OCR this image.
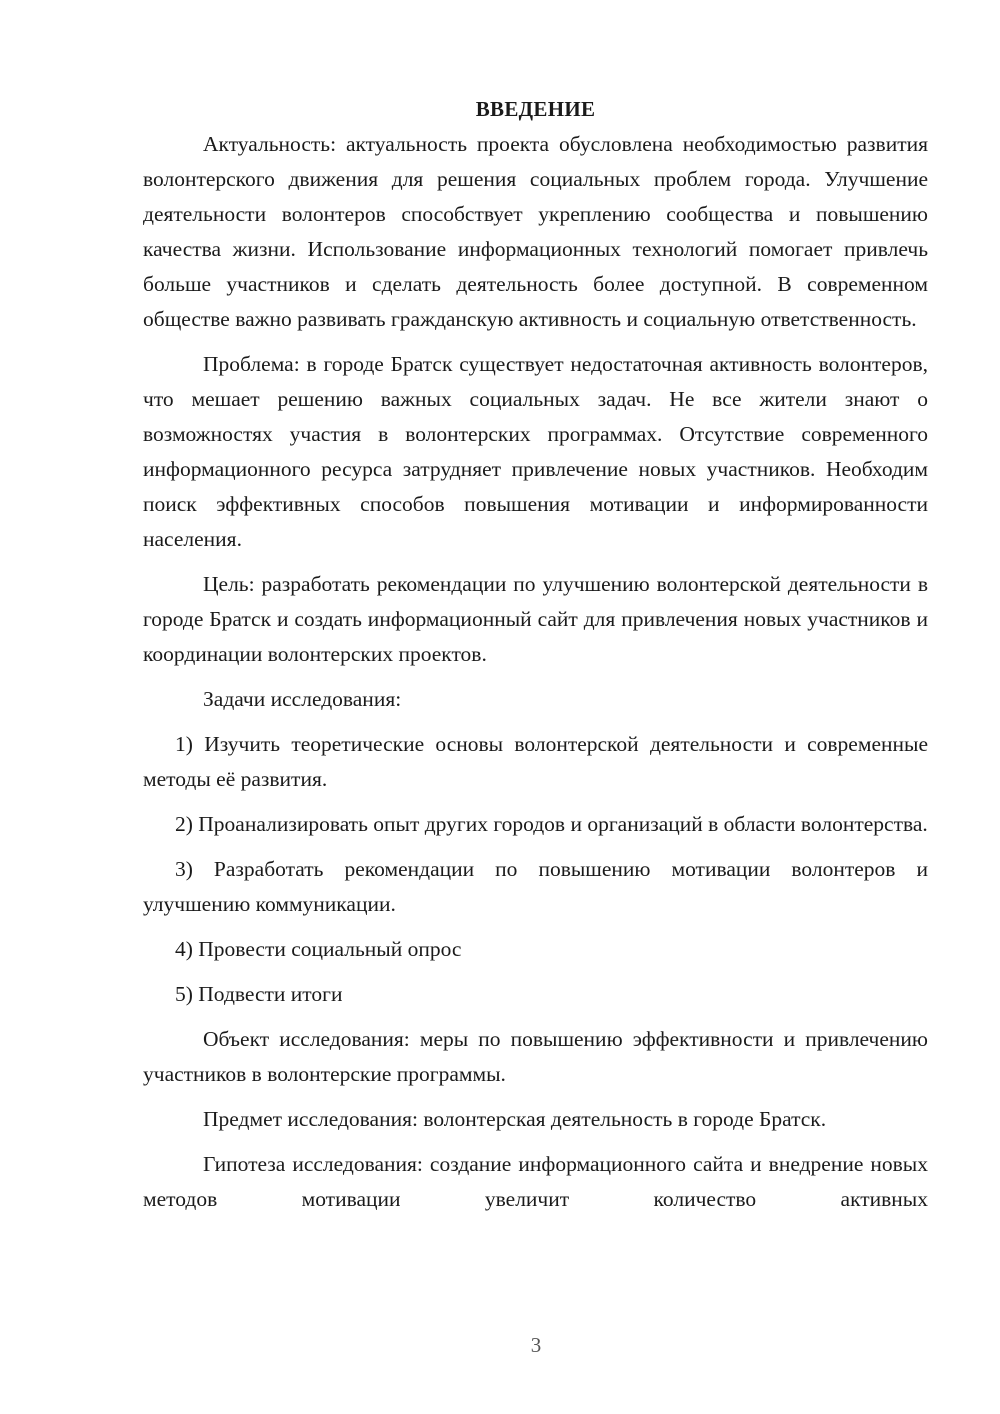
ВВЕДЕНИЕ

Актуальность: актуальность проекта обусловлена необходимостью развития волонтерского движения для решения социальных проблем города. Улучшение деятельности волонтеров способствует укреплению сообщества и повышению качества жизни. Использование информационных технологий помогает привлечь больше участников и сделать деятельность более доступной. В современном обществе важно развивать гражданскую активность и социальную ответственность.

Проблема: в городе Братск существует недостаточная активность волонтеров, что мешает решению важных социальных задач. Не все жители знают о возможностях участия в волонтерских программах. Отсутствие современного информационного ресурса затрудняет привлечение новых участников. Необходим поиск эффективных способов повышения мотивации и информированности населения.

Цель: разработать рекомендации по улучшению волонтерской деятельности в городе Братск и создать информационный сайт для привлечения новых участников и координации волонтерских проектов.

Задачи исследования:

1) Изучить теоретические основы волонтерской деятельности и современные методы её развития.

2) Проанализировать опыт других городов и организаций в области волонтерства.

3) Разработать рекомендации по повышению мотивации волонтеров и улучшению коммуникации.

4) Провести социальный опрос

5) Подвести итоги

Объект исследования: меры по повышению эффективности и привлечению участников в волонтерские программы.

Предмет исследования: волонтерская деятельность в городе Братск.

Гипотеза исследования: создание информационного сайта и внедрение новых методов мотивации увеличит количество активных

3
